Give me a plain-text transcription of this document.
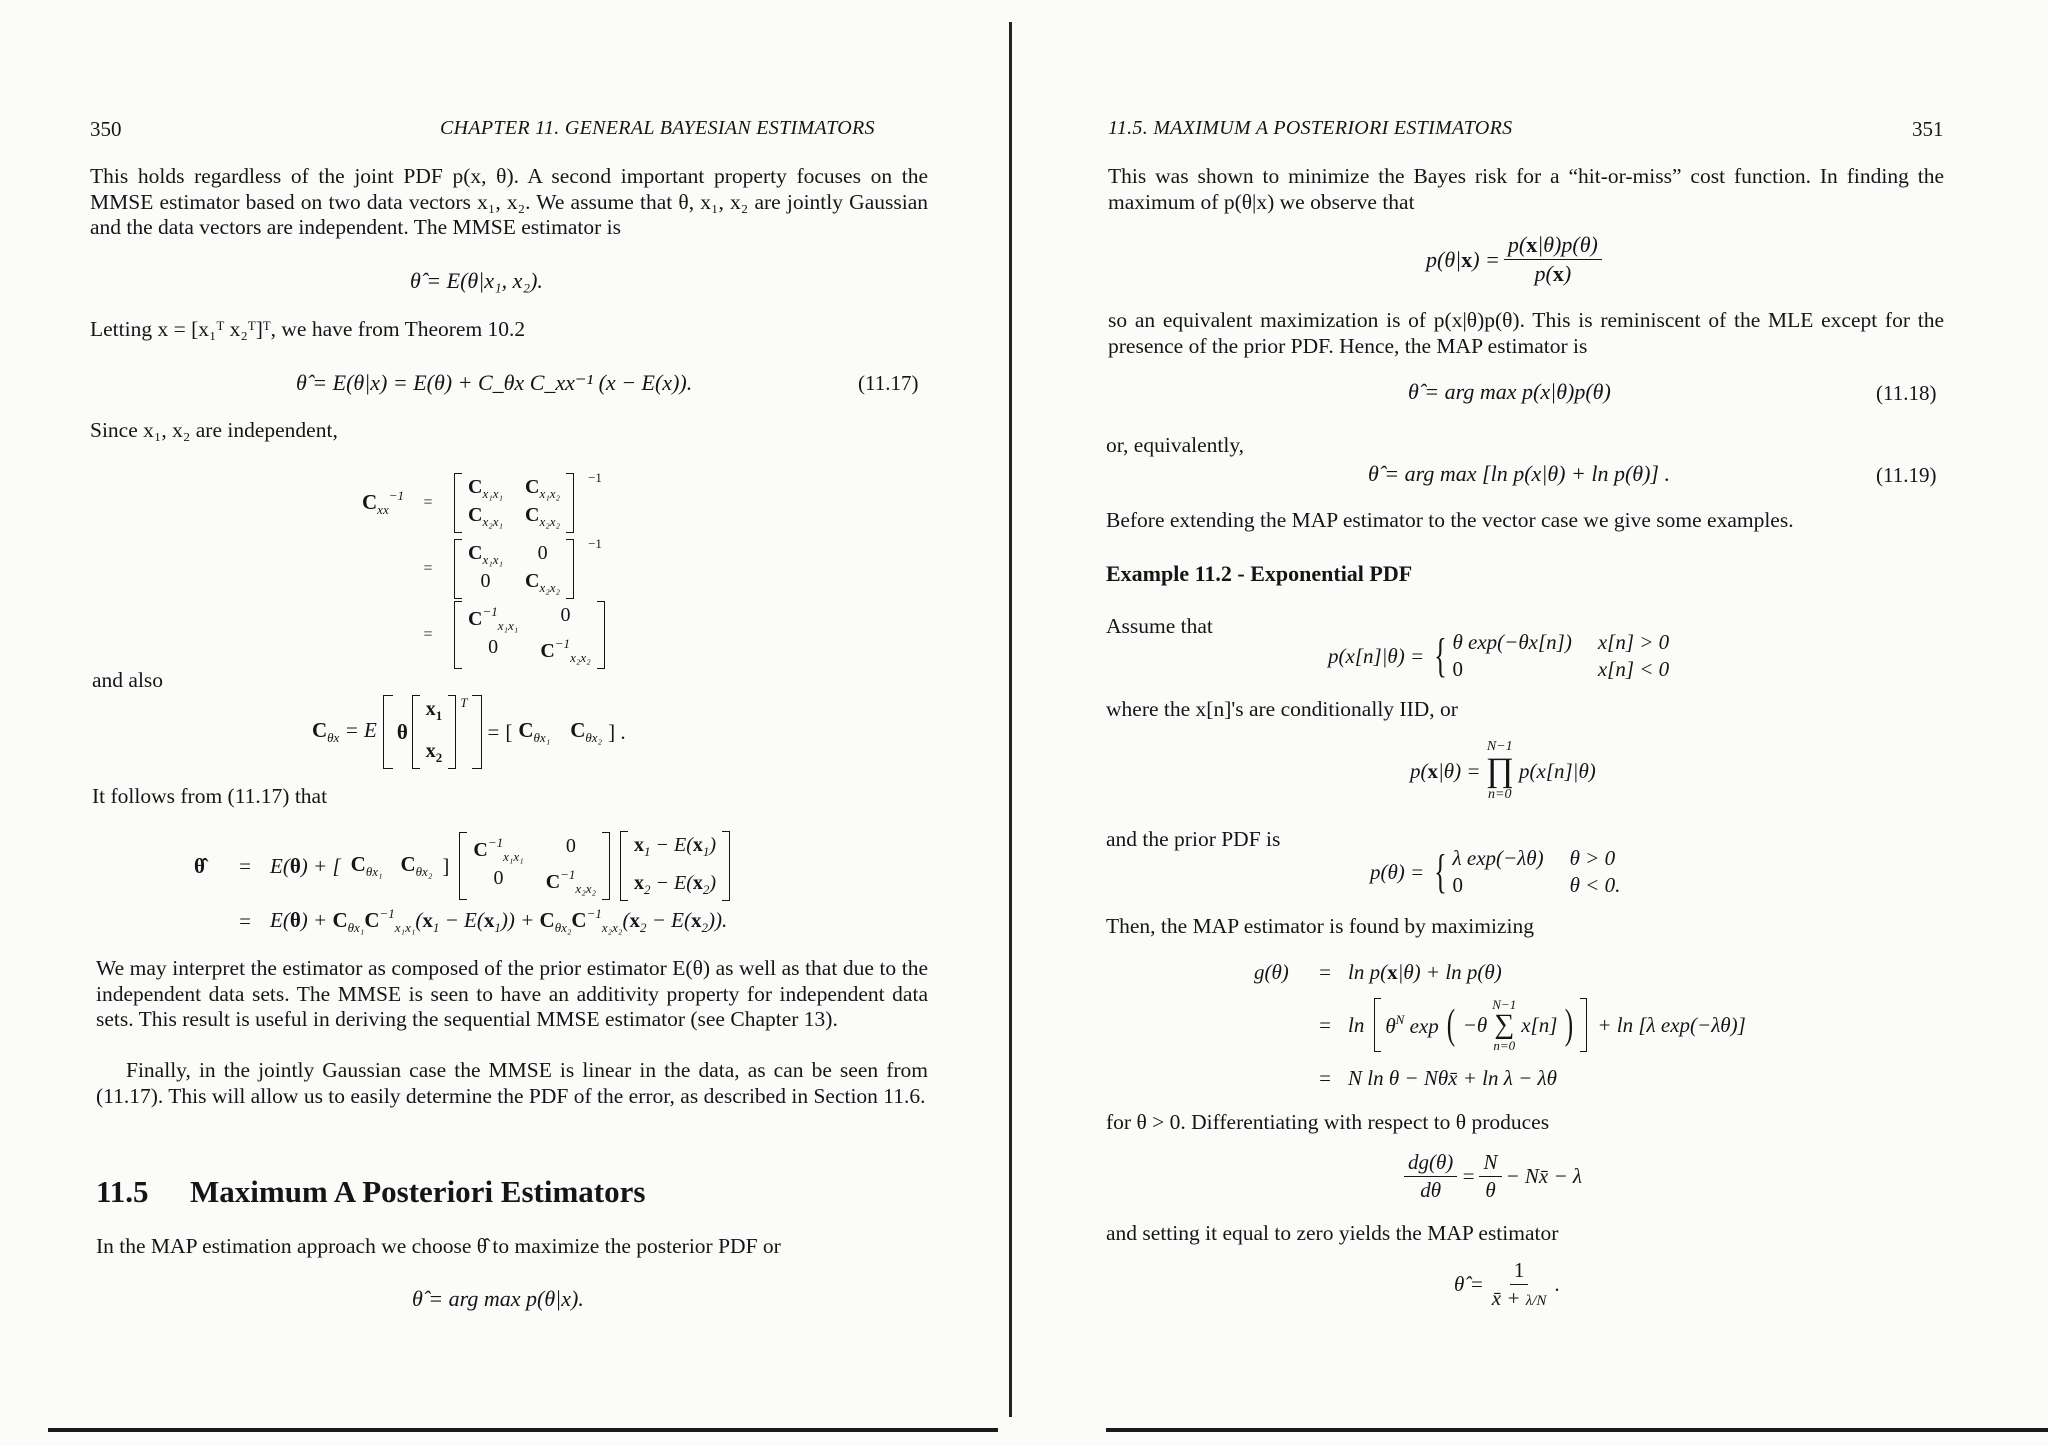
350	CHAPTER 11. GENERAL BAYESIAN ESTIMATORS
This holds regardless of the joint PDF p(x, θ). A second important property focuses on the MMSE estimator based on two data vectors x₁, x₂. We assume that θ, x₁, x₂ are jointly Gaussian and the data vectors are independent. The MMSE estimator is
θ̂ = E(θ|x₁, x₂).
Letting x = [x₁ᵀ x₂ᵀ]ᵀ, we have from Theorem 10.2
θ̂ = E(θ|x) = E(θ) + C_θx C_xx⁻¹ (x − E(x)).	(11.17)
Since x₁, x₂ are independent,
$C_{xx}^{-1}$	=
$C_{x_1x_1}$ $C_{x_1x_2}$
$C_{x_2x_1}$ $C_{x_2x_2}$
−1
=
$C_{x_1x_1}$	0
0	$C_{x_2x_2}$
−1
=
$C^{-1}_{x_1x_1}$	0
0	$C^{-1}_{x_2x_2}$
and also
$C_{\theta x} = E$ θ
$x_1$
$x_2$
T
= [ $C_{\theta x_1}$ $C_{\theta x_2}$ ] .
It follows from (11.17) that
θ̂	= E(θ) + [ $C_{\theta x_1}$ $C_{\theta x_2}$ ]
$C^{-1}_{x_1x_1}$	0
0	$C^{-1}_{x_2x_2}$
$x_1 - E(x_1)$
$x_2 - E(x_2)$
= $E(\theta) + C_{\theta x_1}C^{-1}_{x_1x_1}(x_1 - E(x_1)) + C_{\theta x_2}C^{-1}_{x_2x_2}(x_2 - E(x_2))$.
We may interpret the estimator as composed of the prior estimator E(θ) as well as that due to the independent data sets. The MMSE is seen to have an additivity property for independent data sets. This result is useful in deriving the sequential MMSE estimator (see Chapter 13).
Finally, in the jointly Gaussian case the MMSE is linear in the data, as can be seen from (11.17). This will allow us to easily determine the PDF of the error, as described in Section 11.6.
11.5 Maximum A Posteriori Estimators
In the MAP estimation approach we choose θ̂ to maximize the posterior PDF or
θ̂ = arg max p(θ|x).
11.5. MAXIMUM A POSTERIORI ESTIMATORS	351
This was shown to minimize the Bayes risk for a “hit-or-miss” cost function. In finding the maximum of p(θ|x) we observe that
$p(\theta|x) = \frac{p(x|\theta)p(\theta)}{p(x)}$
so an equivalent maximization is of p(x|θ)p(θ). This is reminiscent of the MLE except for the presence of the prior PDF. Hence, the MAP estimator is
θ̂ = arg max p(x|θ)p(θ)	(11.18)
or, equivalently,
θ̂ = arg max [ln p(x|θ) + ln p(θ)] .	(11.19)
Before extending the MAP estimator to the vector case we give some examples.
Example 11.2 - Exponential PDF
Assume that
p(x[n]|θ) = { θ exp(−θx[n]) x[n] > 0
0	x[n] < 0
where the x[n]'s are conditionally IID, or
p(x|θ) =
N−1
∏
n=0
p(x[n]|θ)
and the prior PDF is
p(θ) = { λ exp(−λθ) θ > 0
0	θ < 0.
Then, the MAP estimator is found by maximizing
g(θ)	= ln p(x|θ) + ln p(θ)
= $\ln \theta^N$ exp ( −θ
N−1
∑
n=0
x[n] ) + ln [λ exp(−λθ)]
= N ln θ − Nθx̄ + ln λ − λθ
for θ > 0. Differentiating with respect to θ produces
$\frac{dg(\theta)}{d\theta} = \frac{N}{\theta}$ − Nx̄ − λ
and setting it equal to zero yields the MAP estimator
θ̂ = $\frac{1}{x̄ + \lambda/N}$ .
